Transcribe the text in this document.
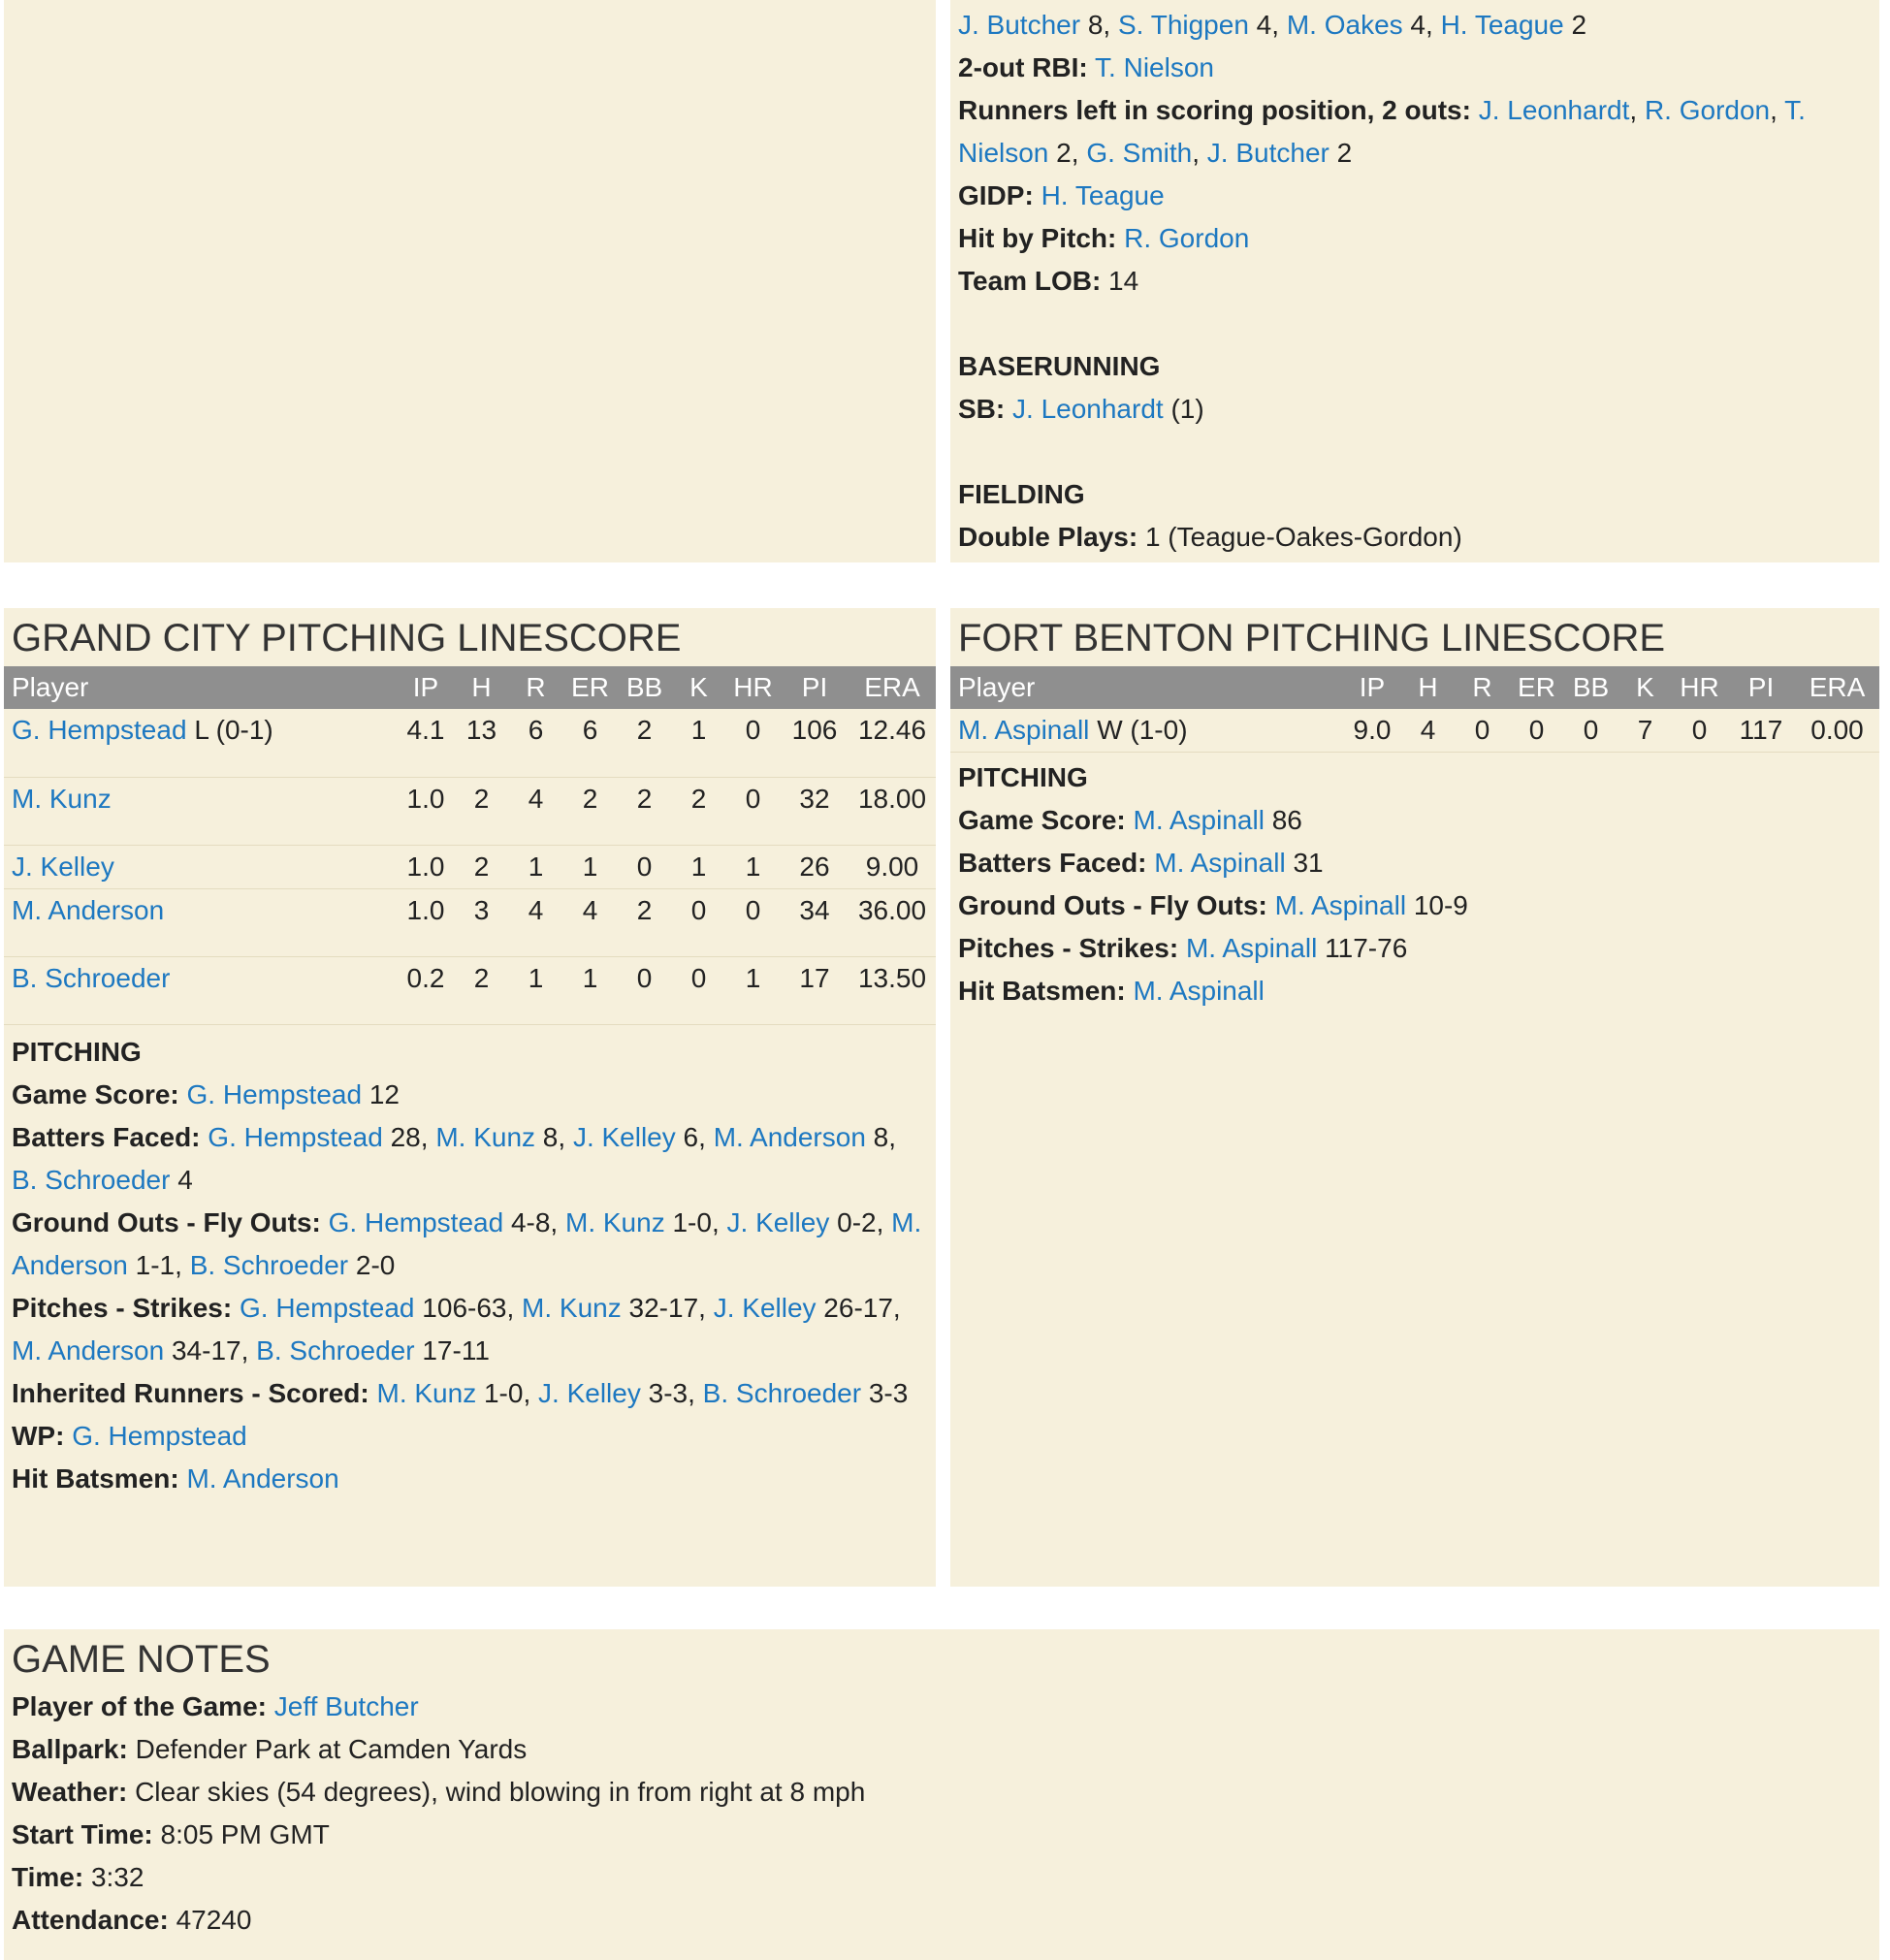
J. Butcher 8, S. Thigpen 4, M. Oakes 4, H. Teague 2
2-out RBI: T. Nielson
Runners left in scoring position, 2 outs: J. Leonhardt, R. Gordon, T.
Nielson 2, G. Smith, J. Butcher 2
GIDP: H. Teague
Hit by Pitch: R. Gordon
Team LOB: 14
BASERUNNING
SB: J. Leonhardt (1)
FIELDING
Double Plays: 1 (Teague-Oakes-Gordon)
GRAND CITY PITCHING LINESCORE
Player	IP	H	R	ER	BB	K	HR	PI	ERA
G. Hempstead L (0-1)	4.1	13	6	6	2	1	0	106	12.46
M. Kunz	1.0	2	4	2	2	2	0	32	18.00
J. Kelley	1.0	2	1	1	0	1	1	26	9.00
M. Anderson	1.0	3	4	4	2	0	0	34	36.00
B. Schroeder	0.2	2	1	1	0	0	1	17	13.50
PITCHING
Game Score: G. Hempstead 12
Batters Faced: G. Hempstead 28, M. Kunz 8, J. Kelley 6, M. Anderson 8,
B. Schroeder 4
Ground Outs - Fly Outs: G. Hempstead 4-8, M. Kunz 1-0, J. Kelley 0-2, M.
Anderson 1-1, B. Schroeder 2-0
Pitches - Strikes: G. Hempstead 106-63, M. Kunz 32-17, J. Kelley 26-17,
M. Anderson 34-17, B. Schroeder 17-11
Inherited Runners - Scored: M. Kunz 1-0, J. Kelley 3-3, B. Schroeder 3-3
WP: G. Hempstead
Hit Batsmen: M. Anderson
FORT BENTON PITCHING LINESCORE
Player	IP	H	R	ER	BB	K	HR	PI	ERA
M. Aspinall W (1-0)	9.0	4	0	0	0	7	0	117	0.00
PITCHING
Game Score: M. Aspinall 86
Batters Faced: M. Aspinall 31
Ground Outs - Fly Outs: M. Aspinall 10-9
Pitches - Strikes: M. Aspinall 117-76
Hit Batsmen: M. Aspinall
GAME NOTES
Player of the Game: Jeff Butcher
Ballpark: Defender Park at Camden Yards
Weather: Clear skies (54 degrees), wind blowing in from right at 8 mph
Start Time: 8:05 PM GMT
Time: 3:32
Attendance: 47240
